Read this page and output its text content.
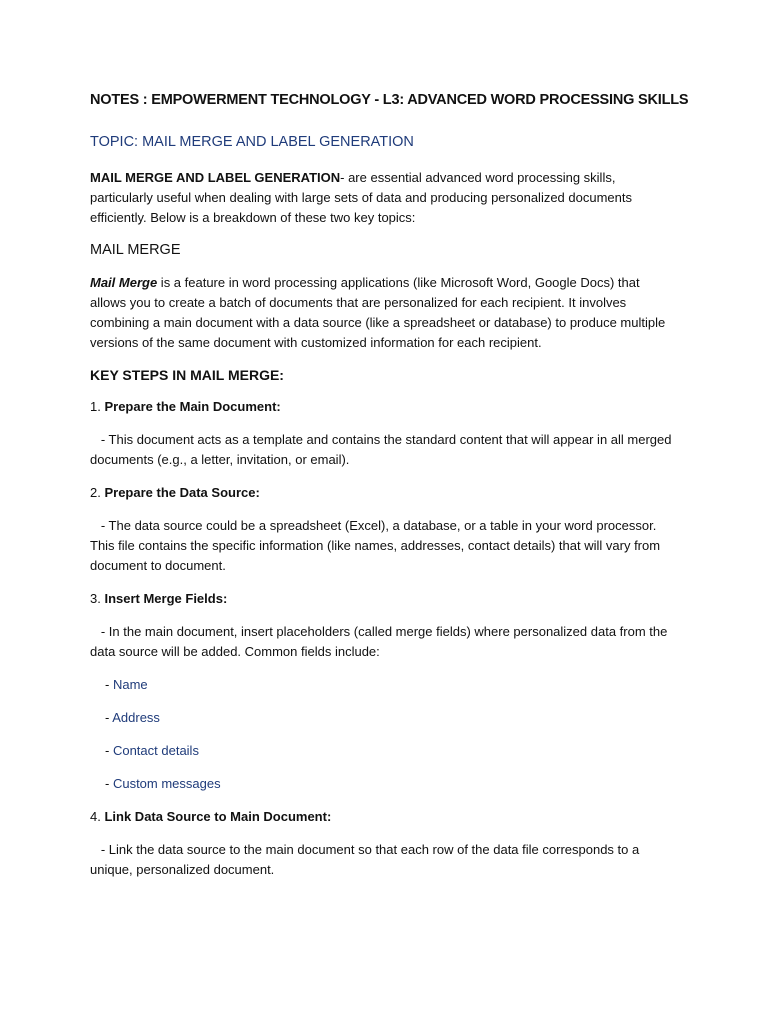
NOTES : EMPOWERMENT TECHNOLOGY - L3: ADVANCED WORD PROCESSING SKILLS
TOPIC: MAIL MERGE AND LABEL GENERATION

MAIL MERGE AND LABEL GENERATION- are essential advanced word processing skills, particularly useful when dealing with large sets of data and producing personalized documents efficiently. Below is a breakdown of these two key topics:

MAIL MERGE

Mail Merge is a feature in word processing applications (like Microsoft Word, Google Docs) that allows you to create a batch of documents that are personalized for each recipient. It involves combining a main document with a data source (like a spreadsheet or database) to produce multiple versions of the same document with customized information for each recipient.

KEY STEPS IN MAIL MERGE:

1. Prepare the Main Document:

- This document acts as a template and contains the standard content that will appear in all merged documents (e.g., a letter, invitation, or email).

2. Prepare the Data Source:

- The data source could be a spreadsheet (Excel), a database, or a table in your word processor. This file contains the specific information (like names, addresses, contact details) that will vary from document to document.

3. Insert Merge Fields:

- In the main document, insert placeholders (called merge fields) where personalized data from the data source will be added. Common fields include:

- Name

- Address

- Contact details

- Custom messages

4. Link Data Source to Main Document:

- Link the data source to the main document so that each row of the data file corresponds to a unique, personalized document.
